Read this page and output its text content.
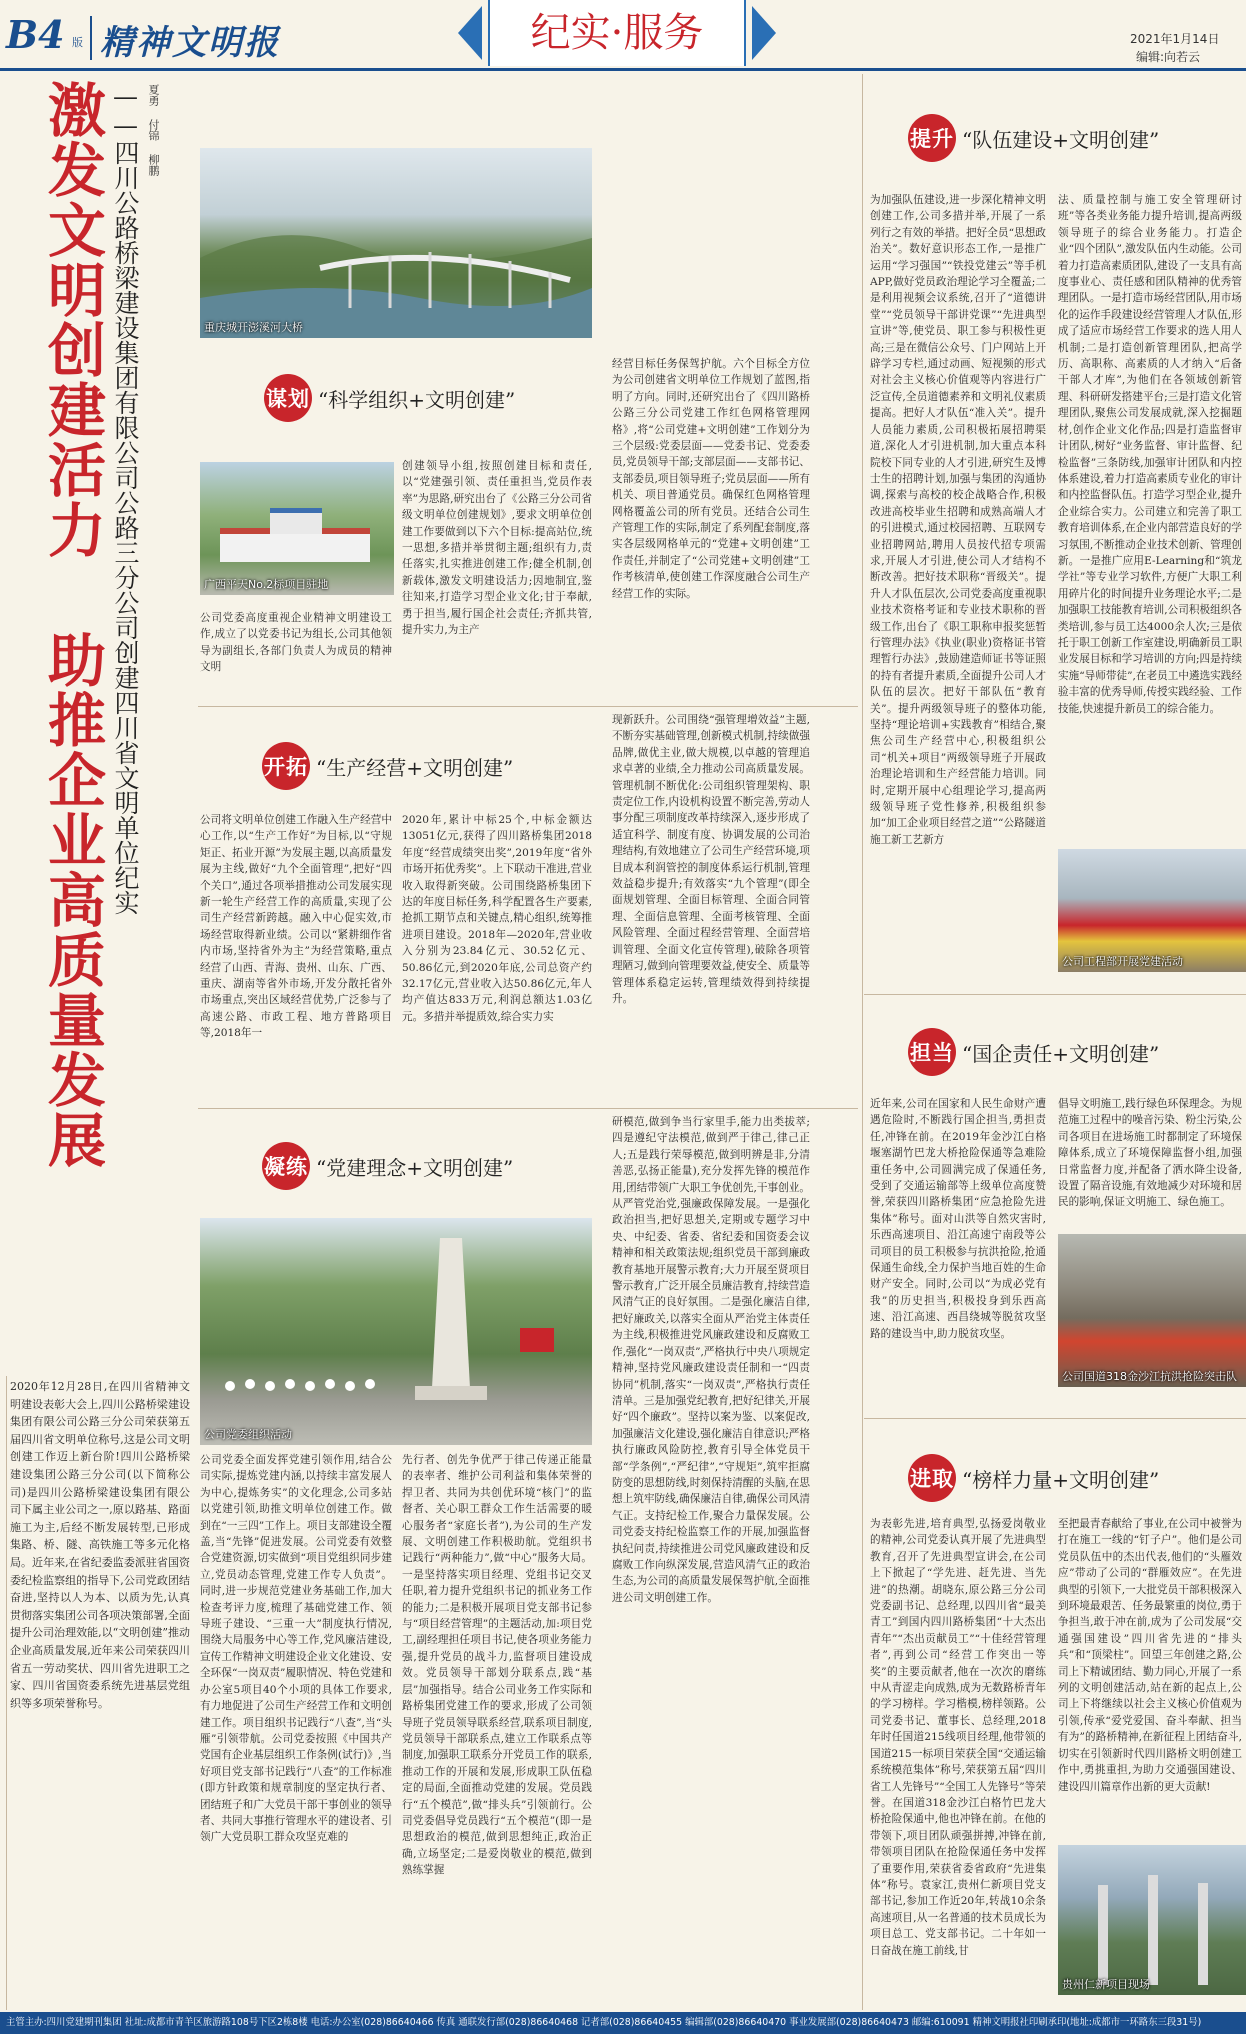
B4 版 精神文明报	纪实·服务	2021年1月14日
编辑:向若云
激发文明创建活力 助推企业高质量发展 ——四川公路桥梁建设集团有限公司公路三分公司创建四川省文明单位纪实 夏勇 付锦 柳鹏
重庆城开澎溪河大桥
广西平天No.2标项目驻地
公司党委组织活动
公司工程部开展党建活动
公司国道318金沙江抗洪抢险突击队
贵州仁新项目现场
谋划 “科学组织+文明创建”
提升 “队伍建设+文明创建”
开拓 “生产经营+文明创建”
担当 “国企责任+文明创建”
凝练 “党建理念+文明创建”
进取 “榜样力量+文明创建”
2020年12月28日,在四川省精神文明建设表彰大会上,四川公路桥梁建设集团有限公司公路三分公司荣获第五届四川省文明单位称号,这是公司文明创建工作迈上新台阶!四川公路桥梁建设集团公路三分公司(以下简称公司)是四川公路桥梁建设集团有限公司下属主业公司之一,原以路基、路面施工为主,后经不断发展转型,已形成集路、桥、隧、高铁施工等多元化格局。近年来,在省纪委监委派驻省国资委纪检监察组的指导下,公司党政团结奋进,坚持以人为本、以质为先,认真贯彻落实集团公司各项决策部署,全面提升公司治理效能,以“文明创建”推动企业高质量发展,近年来公司荣获四川省五一劳动奖状、四川省先进职工之家、四川省国资委系统先进基层党组织等多项荣誉称号。
公司党委高度重视企业精神文明建设工作,成立了以党委书记为组长,公司其他领导为副组长,各部门负责人为成员的精神文明
创建领导小组,按照创建目标和责任,以“党建强引领、责任重担当,党员作表率”为思路,研究出台了《公路三分公司省级文明单位创建规划》,要求文明单位创建工作要做到以下六个目标:提高站位,统一思想,多措并举贯彻主题;组织有力,责任落实,扎实推进创建工作;健全机制,创新载体,激发文明建设活力;因地制宜,鉴往知来,打造学习型企业文化;甘于奉献,勇于担当,履行国企社会责任;齐抓共管,提升实力,为主产
经营目标任务保驾护航。六个目标全方位为公司创建省文明单位工作规划了蓝图,指明了方向。同时,还研究出台了《四川路桥公路三分公司党建工作红色网格管理网格》,将“公司党建+文明创建”工作划分为三个层级:党委层面——党委书记、党委委员,党员领导干部;支部层面——支部书记、支部委员,项目领导班子;党员层面——所有机关、项目普通党员。确保红色网格管理网格覆盖公司的所有党员。还结合公司生产管理工作的实际,制定了系列配套制度,落实各层级网格单元的“党建+文明创建”工作责任,并制定了“公司党建+文明创建”工作考核清单,使创建工作深度融合公司生产经营工作的实际。
为加强队伍建设,进一步深化精神文明创建工作,公司多措并举,开展了一系列行之有效的举措。把好全员“思想政治关”。数好意识形态工作,一是推广运用“学习强国”“铁投党建云”等手机APP,做好党员政治理论学习全覆盖;二是利用视频会议系统,召开了“道德讲堂”“党员领导干部讲党课”“先进典型宣讲”等,使党员、职工参与积极性更高;三是在微信公众号、门户网站上开辟学习专栏,通过动画、短视频的形式对社会主义核心价值观等内容进行广泛宣传,全员道德素养和文明礼仪素质提高。把好人才队伍“准入关”。提升人员能力素质,公司积极拓展招聘渠道,深化人才引进机制,加大重点本科院校下同专业的人才引进,研究生及博士生的招聘计划,加强与集团的沟通协调,探索与高校的校企战略合作,积极改进高校毕业生招聘和成熟高端人才的引进模式,通过校园招聘、互联网专业招聘网站,聘用人员按代招专项需求,开展人才引进,使公司人才结构不断改善。把好技术职称“晋级关”。提升人才队伍层次,公司党委高度重视职业技术资格考证和专业技术职称的晋级工作,出台了《职工职称申报奖惩暂行管理办法》《执业(职业)资格证书管理暂行办法》,鼓励建造师证书等证照的持有者提升素质,全面提升公司人才队伍的层次。把好干部队伍“教育关”。提升两级领导班子的整体功能,坚持“理论培训+实践教育”相结合,聚焦公司生产经营中心,积极组织公司“机关+项目”两级领导班子开展政治理论培训和生产经营能力培训。同时,定期开展中心组理论学习,提高两级领导班子党性修养,积极组织参加“加工企业项目经营之道”“公路隧道施工新工艺新方
法、质量控制与施工安全管理研讨班”等各类业务能力提升培训,提高两级领导班子的综合业务能力。打造企业“四个团队”,激发队伍内生动能。公司着力打造高素质团队,建设了一支具有高度事业心、责任感和团队精神的优秀管理团队。一是打造市场经营团队,用市场化的运作手段建设经营管理人才队伍,形成了适应市场经营工作要求的选人用人机制;二是打造创新管理团队,把高学历、高职称、高素质的人才纳入“后备干部人才库”,为他们在各领域创新管理、科研研发搭建平台;三是打造文化管理团队,聚焦公司发展成就,深入挖掘题材,创作企业文化作品;四是打造监督审计团队,树好“业务监督、审计监督、纪检监督”三条防线,加强审计团队和内控体系建设,着力打造高素质专业化的审计和内控监督队伍。打造学习型企业,提升企业综合实力。公司建立和完善了职工教育培训体系,在企业内部营造良好的学习氛围,不断推动企业技术创新、管理创新。一是推广应用E-Learning和“筑龙学社”等专业学习软件,方便广大职工利用碎片化的时间提升业务理论水平;二是加强职工技能教育培训,公司积极组织各类培训,参与员工达4000余人次;三是依托于职工创新工作室建设,明确新员工职业发展目标和学习培训的方向;四是持续实施“导师带徒”,在老员工中遴选实践经验丰富的优秀导师,传授实践经验、工作技能,快速提升新员工的综合能力。
公司将文明单位创建工作融入生产经营中心工作,以“生产工作好”为目标,以“守规矩正、拓业开源”为发展主题,以高质量发展为主线,做好“九个全面管理”,把好“四个关口”,通过各项举措推动公司发展实现新一轮生产经营工作的高质量,实现了公司生产经营新跨越。融入中心促实效,市场经营取得新业绩。公司以“紧耕细作省内市场,坚持省外为主”为经营策略,重点经营了山西、青海、贵州、山东、广西、重庆、湖南等省外市场,开发分散托省外市场重点,突出区域经营优势,广泛参与了高速公路、市政工程、地方普路项目等,2018年一
2020年,累计中标25个,中标金额达13051亿元,获得了四川路桥集团2018年度“经营成绩突出奖”,2019年度“省外市场开拓优秀奖”。上下联动干准进,营业收入取得新突破。公司围绕路桥集团下达的年度目标任务,科学配置各生产要素,抢抓工期节点和关键点,精心组织,统筹推进项目建设。2018年—2020年,营业收入分别为23.84亿元、30.52亿元、50.86亿元,到2020年底,公司总资产约32.17亿元,营业收入达50.86亿元,年人均产值达833万元,利润总额达1.03亿元。多措并举提质效,综合实力实
现新跃升。公司围绕“强管理增效益”主题,不断夯实基础管理,创新模式机制,持续做强品牌,做优主业,做大规模,以卓越的管理追求卓著的业绩,全力推动公司高质量发展。管理机制不断优化:公司组织管理架构、职责定位工作,内设机构设置不断完善,劳动人事分配三项制度改革持续深入,逐步形成了适宜科学、制度有度、协调发展的公司治理结构,有效地建立了公司生产经营环境,项目成本利润管控的制度体系运行机制,管理效益稳步提升;有效落实“九个管理”(即全面规划管理、全面目标管理、全面合同管理、全面信息管理、全面考核管理、全面风险管理、全面过程经营管理、全面营培训管理、全面文化宣传管理),破除各项管理陋习,做到向管理要效益,使安全、质量等管理体系稳定运转,管理绩效得到持续提升。
近年来,公司在国家和人民生命财产遭遇危险时,不断践行国企担当,勇担责任,冲锋在前。在2019年金沙江白格堰塞湖竹巴龙大桥抢险保通等急难险重任务中,公司圆满完成了保通任务,受到了交通运输部等上级单位高度赞誉,荣获四川路桥集团“应急抢险先进集体”称号。面对山洪等自然灾害时,乐西高速项目、沿江高速宁南段等公司项目的员工积极参与抗洪抢险,抢通保通生命线,全力保护当地百姓的生命财产安全。同时,公司以“为成必党有我”的历史担当,积极投身到乐西高速、沿江高速、西昌绕城等脱贫攻坚路的建设当中,助力脱贫攻坚。
倡导文明施工,践行绿色环保理念。为规范施工过程中的噪音污染、粉尘污染,公司各项目在进场施工时都制定了环境保障体系,成立了环境保障监督小组,加强日常监督力度,并配备了洒水降尘设备,设置了隔音设施,有效地减少对环境和居民的影响,保证文明施工、绿色施工。
公司党委全面发挥党建引领作用,结合公司实际,提炼党建内涵,以持续丰富发展人为中心,提炼务实”的文化理念,公司多站以党建引领,助推文明单位创建工作。做到在“一三四”工作上。项目支部建设全覆盖,当“先锋”促进发展。公司党委有效整合党建资源,切实做到“项目党组织同步建立,党员动态管理,党建工作专人负责”。同时,进一步规范党建业务基础工作,加大检查考评力度,梳理了基础党建工作、领导班子建设、“三重一大”制度执行情况,围绕大局服务中心等工作,党风廉洁建设,宣传工作精神文明建设企业文化建设、安全环保“一岗双责”履职情况、特色党建和办公室5项目40个小项的具体工作要求,有力地促进了公司生产经营工作和文明创建工作。项目组织书记践行“八查”,当“头雁”引领带航。公司党委按照《中国共产党国有企业基层组织工作条例(试行)》,当好项目党支部书记践行“八查”的工作标准(即方针政策和规章制度的坚定执行者、团结班子和广大党员干部干事创业的领导者、共同大事推行管理水平的建设者、引领广大党员职工群众攻坚克难的
先行者、创先争优严于律己传递正能量的表率者、维护公司利益和集体荣誉的捍卫者、共同为共创优环境“核门”的监督者、关心职工群众工作生活需要的暖心服务者“家庭长者”),为公司的生产发展、文明创建工作积极助航。党组织书记践行“两种能力”,做“中心”服务大局。一是坚持落实项目经理、党组书记交叉任职,着力提升党组织书记的抓业务工作的能力;二是积极开展项目党支部书记参与“项目经营管理”的主题活动,加:项目党工,副经理担任项目书记,使各项业务能力强,提升党员的战斗力,监督项目建设成效。党员领导干部划分联系点,践“基层”加强指导。结合公司业务工作实际和路桥集团党建工作的要求,形成了公司领导班子党员领导联系经营,联系项目制度,党员领导干部联系点,建立工作联系点等制度,加强职工联系分开党员工作的联系,推动工作的开展和发展,形成职工队伍稳定的局面,全面推动党建的发展。党员践行“五个模范”,做“排头兵”引领前行。公司党委倡导党员践行“五个模范”(即一是思想政治的模范,做到思想纯正,政治正确,立场坚定;二是爱岗敬业的模范,做到熟练掌握
研模范,做到争当行家里手,能力出类拔萃;四是遵纪守法模范,做到严于律己,律己正人;五是践行荣辱模范,做到明辨是非,分清善恶,弘扬正能量),充分发挥先锋的模范作用,团结带领广大职工争优创先,干事创业。从严管党治党,强廉政保障发展。一是强化政治担当,把好思想关,定期或专题学习中央、中纪委、省委、省纪委和国资委会议精神和相关政策法规;组织党员干部到廉政教育基地开展警示教育;大力开展至贤项目警示教育,广泛开展全员廉洁教育,持续营造风清气正的良好氛围。二是强化廉洁自律,把好廉政关,以落实全面从严治党主体责任为主线,积极推进党风廉政建设和反腐败工作,强化“一岗双责”,严格执行中央八项规定精神,坚持党风廉政建设责任制和一“四责协同”机制,落实“一岗双责”,严格执行责任清单。三是加强党纪教育,把好纪律关,开展好“四个廉政”。坚持以案为鉴、以案促改,加强廉洁文化建设,强化廉洁自律意识;严格执行廉政风险防控,教育引导全体党员干部“学条例”,“严纪律”,“守规矩”,筑牢拒腐防变的思想防线,时刻保持清醒的头脑,在思想上筑牢防线,确保廉洁自律,确保公司风清气正。支持纪检工作,聚合力量保发展。公司党委支持纪检监察工作的开展,加强监督执纪问责,持续推进公司党风廉政建设和反腐败工作向纵深发展,营造风清气正的政治生态,为公司的高质量发展保驾护航,全面推进公司文明创建工作。
为表彰先进,培育典型,弘扬爱岗敬业的精神,公司党委认真开展了先进典型教育,召开了先进典型宣讲会,在公司上下掀起了“学先进、赶先进、当先进”的热潮。胡晓东,原公路三分公司党委副书记、总经理,以四川省“最美青工”到国内四川路桥集团“十大杰出青年”“杰出贡献员工”“十佳经营管理者”,再到公司“经营工作突出一等奖”的主要贡献者,他在一次次的磨练中从青涩走向成熟,成为无数路桥青年的学习榜样。学习楷模,榜样领路。公司党委书记、董事长、总经理,2018年时任国道215线项目经理,他带领的国道215一标项目荣获全国“交通运输系统模范集体”称号,荣获第五届“四川省工人先锋号”“全国工人先锋号”等荣誉。在国道318金沙江白格竹巴龙大桥抢险保通中,他也冲锋在前。在他的带领下,项目团队顽强拼搏,冲锋在前,带领项目团队在抢险保通任务中发挥了重要作用,荣获省委省政府“先进集体”称号。袁家江,贵州仁新项目党支部书记,参加工作近20年,转战10余条高速项目,从一名普通的技术员成长为项目总工、党支部书记。二十年如一日奋战在施工前线,甘
至把最青春献给了事业,在公司中被誉为打在施工一线的“钉子户”。他们是公司党员队伍中的杰出代表,他们的“头雁效应”带动了公司的“群雁效应”。在先进典型的引领下,一大批党员干部积极深入到环境最艰苦、任务最繁重的岗位,勇于争担当,敢于冲在前,成为了公司发展“交通强国建设”四川省先进的“排头兵”和“顶梁柱”。回望三年创建之路,公司上下精诚团结、勤力同心,开展了一系列的文明创建活动,站在新的起点上,公司上下将继续以社会主义核心价值观为引领,传承“爱党爱国、奋斗奉献、担当有为”的路桥精神,在新征程上团结奋斗,切实在引领新时代四川路桥文明创建工作中,勇挑重担,为助力交通强国建设、建设四川篇章作出新的更大贡献!
主管主办:四川党建期刊集团 社址:成都市青羊区旅游路108号下区2栋8楼 电话:办公室(028)86640466 传真 通联发行部(028)86640468 记者部(028)86640455 编辑部(028)86640470 事业发展部(028)86640473 邮编:610091 精神文明报社印刷承印(地址:成都市一环路东三段31号)
